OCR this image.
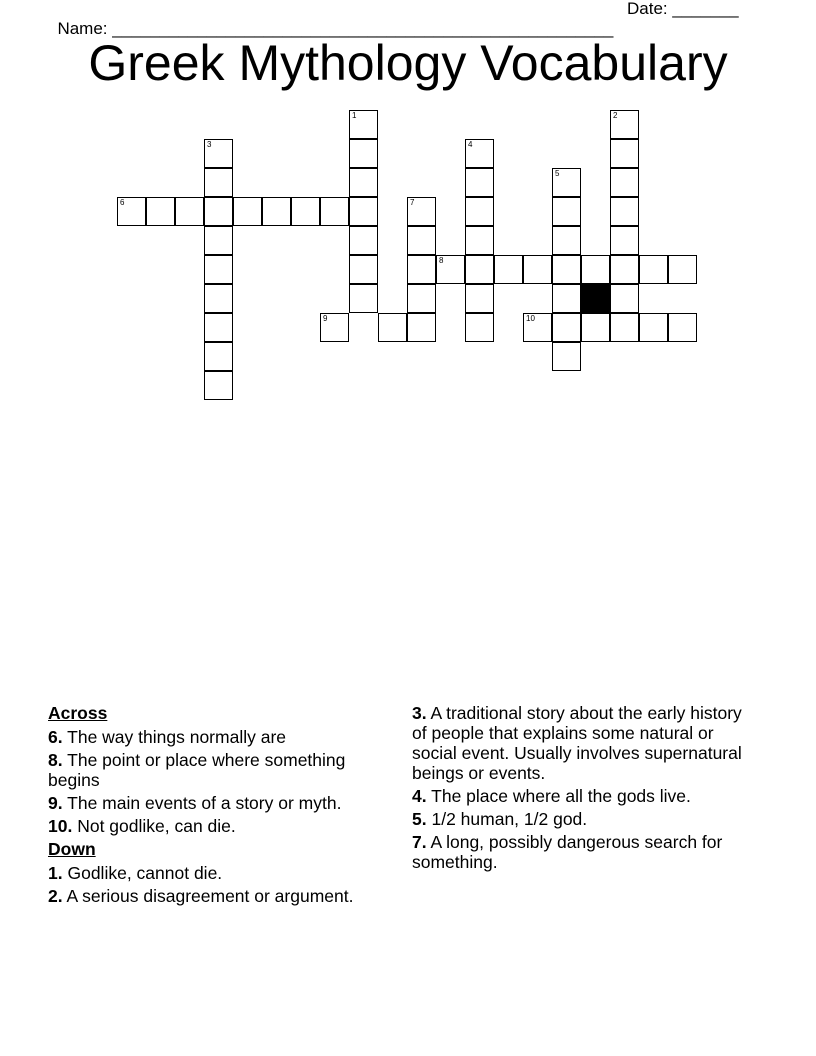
Name: _____________________________________________________

Date: _______

Greek Mythology Vocabulary
1	2
3	4
5
6	7
9	10
8
Across
6. The way things normally are
8. The point or place where something begins
9. The main events of a story or myth.
10. Not godlike, can die.
Down
1. Godlike, cannot die.
2. A serious disagreement or argument.
3. A traditional story about the early history of people that explains some natural or social event. Usually involves supernatural beings or events.
4. The place where all the gods live.
5. 1/2 human, 1/2 god.
7. A long, possibly dangerous search for something.
